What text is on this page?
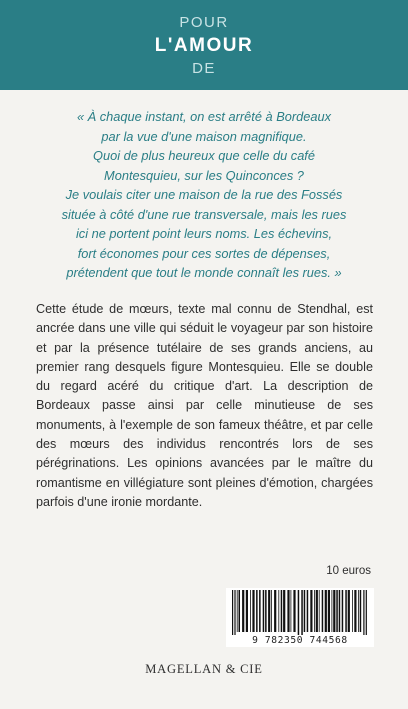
POUR
L'AMOUR
DE
« À chaque instant, on est arrêté à Bordeaux
par la vue d'une maison magnifique.
Quoi de plus heureux que celle du café
Montesquieu, sur les Quinconces ?
Je voulais citer une maison de la rue des Fossés
située à côté d'une rue transversale, mais les rues
ici ne portent point leurs noms. Les échevins,
fort économes pour ces sortes de dépenses,
prétendent que tout le monde connaît les rues. »
Cette étude de mœurs, texte mal connu de Stendhal, est ancrée dans une ville qui séduit le voyageur par son histoire et par la présence tutélaire de ses grands anciens, au premier rang desquels figure Montesquieu. Elle se double du regard acéré du critique d'art. La description de Bordeaux passe ainsi par celle minutieuse de ses monuments, à l'exemple de son fameux théâtre, et par celle des mœurs des individus rencontrés lors de ses pérégrinations. Les opinions avancées par le maître du romantisme en villégiature sont pleines d'émotion, chargées parfois d'une ironie mordante.
10 euros
9 782350 744568
MAGELLAN & CIE
